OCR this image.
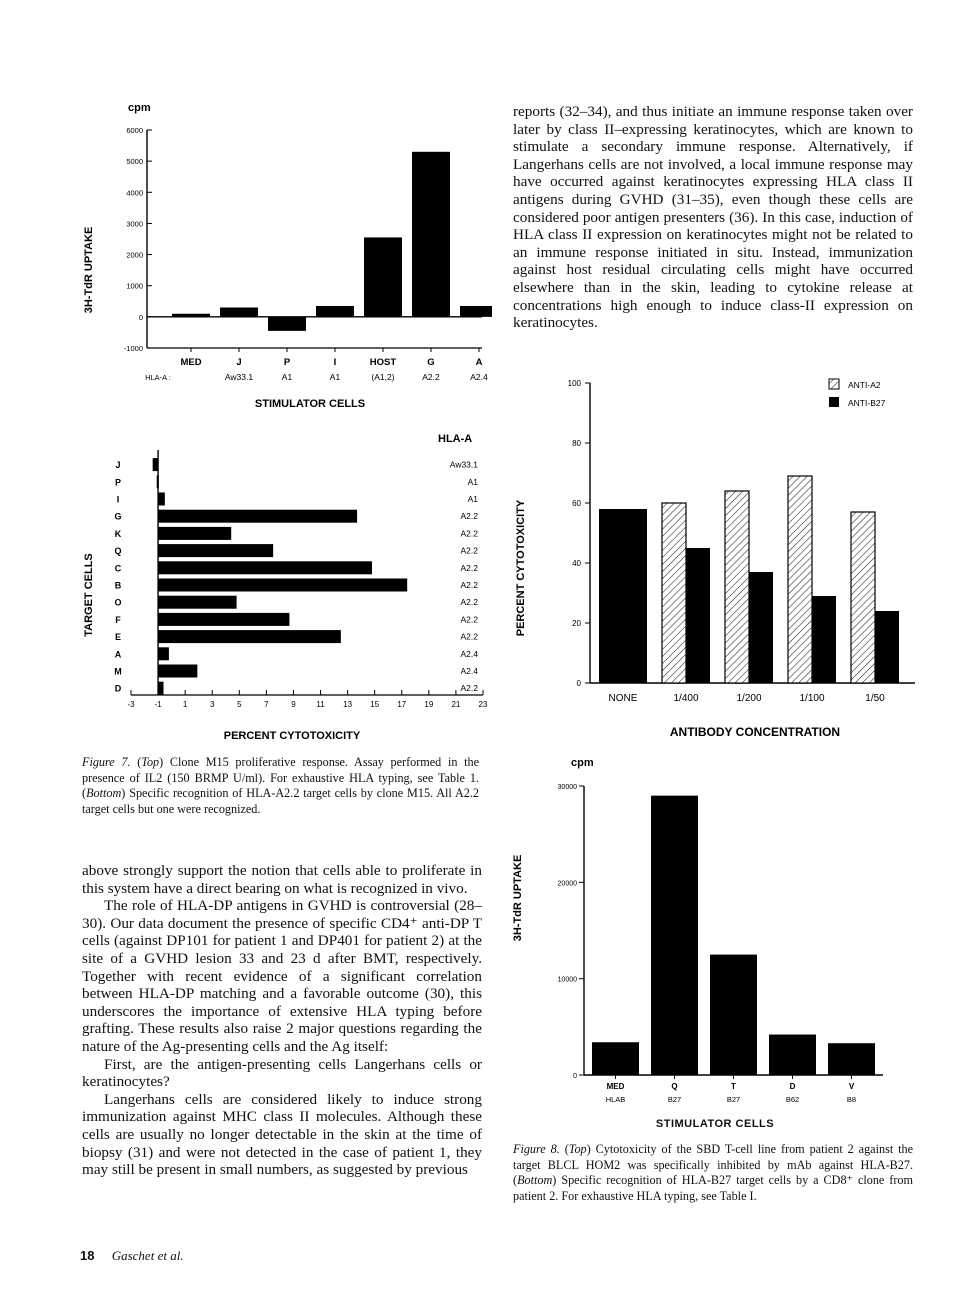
cpm
3H-TdR UPTAKE
-1000
0
1000
2000
3000
4000
5000
6000
MED	J	P	I	HOST	G	A
HLA-A :	Aw33.1	A1	A1	(A1,2)	A2.2	A2.4
STIMULATOR CELLS
HLA-A
TARGET CELLS
J	Aw33.1
P	A1
I	A1
G	A2.2
K	A2.2
Q	A2.2
C	A2.2
B	A2.2
O	A2.2
F	A2.2
E	A2.2
A	A2.4
M	A2.4
D	A2.2
-3 -1	1	3	5	7	9	11 13 15 17 19 21 23
PERCENT CYTOTOXICITY
PERCENT CYTOTOXICITY
0
20
40
60
80
100
NONE	1/400	1/200	1/100	1/50
ANTI-A2
ANTI-B27
ANTIBODY CONCENTRATION
cpm
3H-TdR UPTAKE
0
10000
20000
30000
MED
HLAB
Q
B27
T
B27
D
B62
V
B8
STIMULATOR CELLS
Figure 7. (Top) Clone M15 proliferative response. Assay performed in the presence of IL2 (150 BRMP U/ml). For exhaustive HLA typing, see Table 1. (Bottom) Specific recognition of HLA-A2.2 target cells by clone M15. All A2.2 target cells but one were recognized.
Figure 8. (Top) Cytotoxicity of the SBD T-cell line from patient 2 against the target BLCL HOM2 was specifically inhibited by mAb against HLA-B27. (Bottom) Specific recognition of HLA-B27 target cells by a CD8⁺ clone from patient 2. For exhaustive HLA typing, see Table I.

above strongly support the notion that cells able to proliferate in this system have a direct bearing on what is recognized in vivo.

The role of HLA-DP antigens in GVHD is controversial (28–30). Our data document the presence of specific CD4⁺ anti-DP T cells (against DP101 for patient 1 and DP401 for patient 2) at the site of a GVHD lesion 33 and 23 d after BMT, respectively. Together with recent evidence of a significant correlation between HLA-DP matching and a favorable outcome (30), this underscores the importance of extensive HLA typing before grafting. These results also raise 2 major questions regarding the nature of the Ag-presenting cells and the Ag itself:

First, are the antigen-presenting cells Langerhans cells or keratinocytes?

Langerhans cells are considered likely to induce strong immunization against MHC class II molecules. Although these cells are usually no longer detectable in the skin at the time of biopsy (31) and were not detected in the case of patient 1, they may still be present in small numbers, as suggested by previous

reports (32–34), and thus initiate an immune response taken over later by class II–expressing keratinocytes, which are known to stimulate a secondary immune response. Alternatively, if Langerhans cells are not involved, a local immune response may have occurred against keratinocytes expressing HLA class II antigens during GVHD (31–35), even though these cells are considered poor antigen presenters (36). In this case, induction of HLA class II expression on keratinocytes might not be related to an immune response initiated in situ. Instead, immunization against host residual circulating cells might have occurred elsewhere than in the skin, leading to cytokine release at concentrations high enough to induce class-II expression on keratinocytes.

18 Gaschet et al.
